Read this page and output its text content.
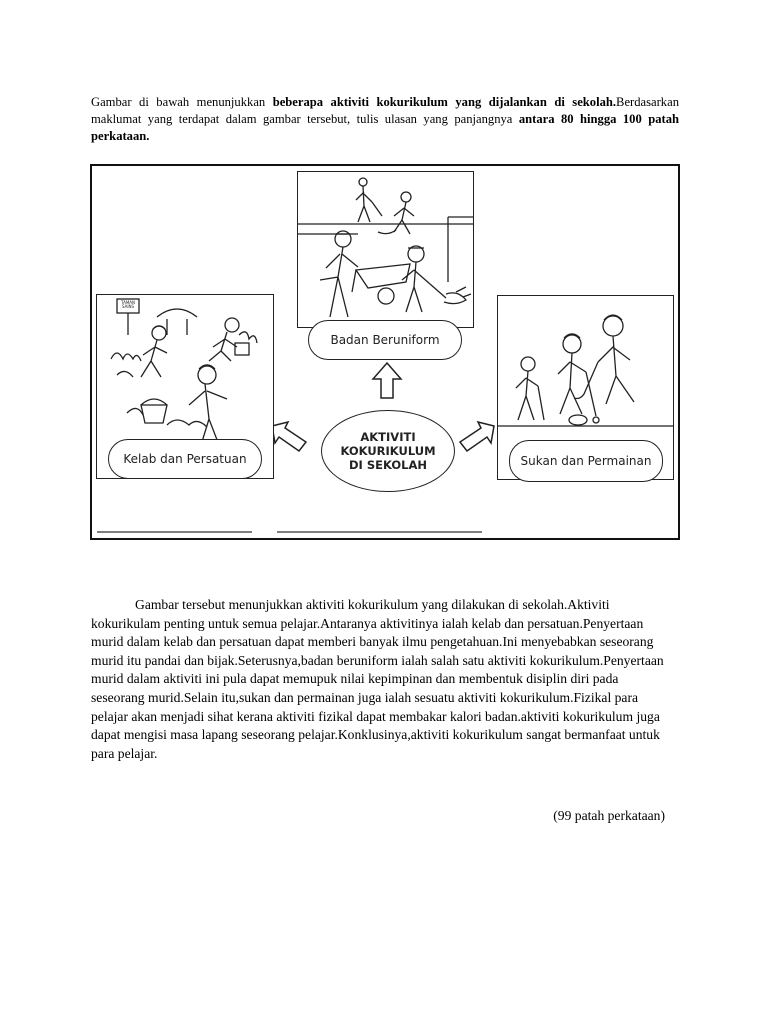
Gambar di bawah menunjukkan beberapa aktiviti kokurikulum yang dijalankan di sekolah.Berdasarkan maklumat yang terdapat dalam gambar tersebut, tulis ulasan yang panjangnya antara 80 hingga 100 patah perkataan.
TAMAN SAINS
Badan Beruniform
Kelab dan Persatuan	Sukan dan Permainan
AKTIVITI
KOKURIKULUM
DI SEKOLAH
Gambar tersebut menunjukkan aktiviti kokurikulum yang dilakukan di sekolah.Aktiviti kokurikulam penting untuk semua pelajar.Antaranya aktivitinya ialah kelab dan persatuan.Penyertaan murid dalam kelab dan persatuan dapat memberi banyak ilmu pengetahuan.Ini menyebabkan seseorang murid itu pandai dan bijak.Seterusnya,badan beruniform ialah salah satu aktiviti kokurikulum.Penyertaan murid dalam aktiviti ini pula dapat memupuk nilai kepimpinan dan membentuk disiplin diri pada seseorang murid.Selain itu,sukan dan permainan juga ialah sesuatu aktiviti kokurikulum.Fizikal para pelajar akan menjadi sihat kerana aktiviti fizikal dapat membakar kalori badan.aktiviti kokurikulum juga dapat mengisi masa lapang seseorang pelajar.Konklusinya,aktiviti kokurikulum sangat bermanfaat untuk para pelajar.
(99 patah perkataan)
